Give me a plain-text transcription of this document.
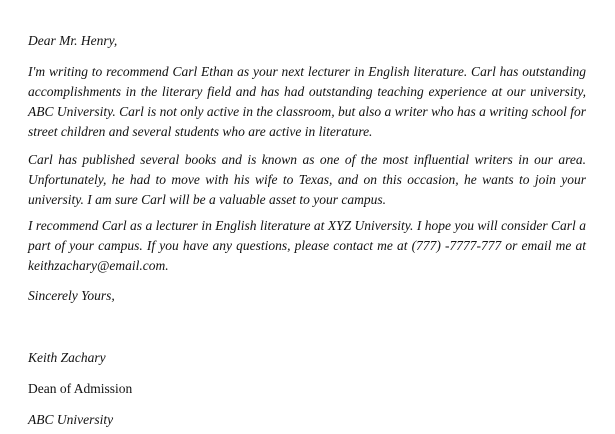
Dear Mr. Henry,

I'm writing to recommend Carl Ethan as your next lecturer in English literature. Carl has outstanding accomplishments in the literary field and has had outstanding teaching experience at our university, ABC University. Carl is not only active in the classroom, but also a writer who has a writing school for street children and several students who are active in literature.

Carl has published several books and is known as one of the most influential writers in our area. Unfortunately, he had to move with his wife to Texas, and on this occasion, he wants to join your university. I am sure Carl will be a valuable asset to your campus.

I recommend Carl as a lecturer in English literature at XYZ University. I hope you will consider Carl a part of your campus. If you have any questions, please contact me at (777) -7777-777 or email me at keithzachary@email.com.

Sincerely Yours,

Keith Zachary

Dean of Admission

ABC University
